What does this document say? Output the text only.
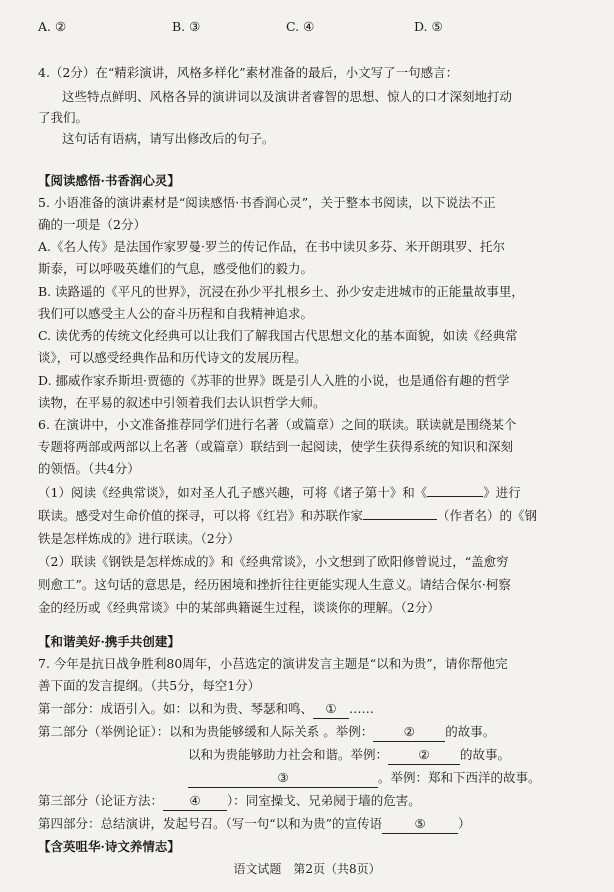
A. ②	B. ③	C. ④	D. ⑤
4.（2分）在“精彩演讲，风格多样化”素材准备的最后，小文写了一句感言：
这些特点鲜明、风格各异的演讲词以及演讲者睿智的思想、惊人的口才深刻地打动
了我们。
这句话有语病，请写出修改后的句子。
【阅读感悟·书香润心灵】
5. 小语准备的演讲素材是“阅读感悟·书香润心灵”，关于整本书阅读，以下说法不正
确的一项是（2分）
A.《名人传》是法国作家罗曼·罗兰的传记作品，在书中读贝多芬、米开朗琪罗、托尔
斯泰，可以呼吸英雄们的气息，感受他们的毅力。
B. 读路遥的《平凡的世界》，沉浸在孙少平扎根乡土、孙少安走进城市的正能量故事里，
我们可以感受主人公的奋斗历程和自我精神追求。
C. 读优秀的传统文化经典可以让我们了解我国古代思想文化的基本面貌，如读《经典常
谈》，可以感受经典作品和历代诗文的发展历程。
D. 挪威作家乔斯坦·贾德的《苏菲的世界》既是引人入胜的小说，也是通俗有趣的哲学
读物，在平易的叙述中引领着我们去认识哲学大师。
6. 在演讲中，小文准备推荐同学们进行名著（或篇章）之间的联读。联读就是围绕某个
专题将两部或两部以上名著（或篇章）联结到一起阅读，使学生获得系统的知识和深刻
的领悟。（共4分）
（1）阅读《经典常谈》，如对圣人孔子感兴趣，可将《诸子第十》和《	》进行
联读。感受对生命价值的探寻，可以将《红岩》和苏联作家	（作者名）的《钢
铁是怎样炼成的》进行联读。（2分）
（2）联读《钢铁是怎样炼成的》和《经典常谈》，小文想到了欧阳修曾说过，“盖愈穷
则愈工”。这句话的意思是，经历困境和挫折往往更能实现人生意义。请结合保尔·柯察
金的经历或《经典常谈》中的某部典籍诞生过程，谈谈你的理解。（2分）
【和谐美好·携手共创建】
7. 今年是抗日战争胜利80周年，小莒选定的演讲发言主题是“以和为贵”，请你帮他完
善下面的发言提纲。（共5分，每空1分）
第一部分：成语引入。如：以和为贵、琴瑟和鸣、 ① ……
第二部分（举例论证）：以和为贵能够缓和人际关系 。举例： ② 的故事。
以和为贵能够助力社会和谐。举例： ② 的故事。
③	。举例：郑和下西洋的故事。
第三部分（论证方法： ④ ）：同室操戈、兄弟阋于墙的危害。
第四部分：总结演讲，发起号召。（写一句“以和为贵”的宣传语	⑤	）
【含英咀华·诗文养情志】
语文试题　第2页（共8页）
